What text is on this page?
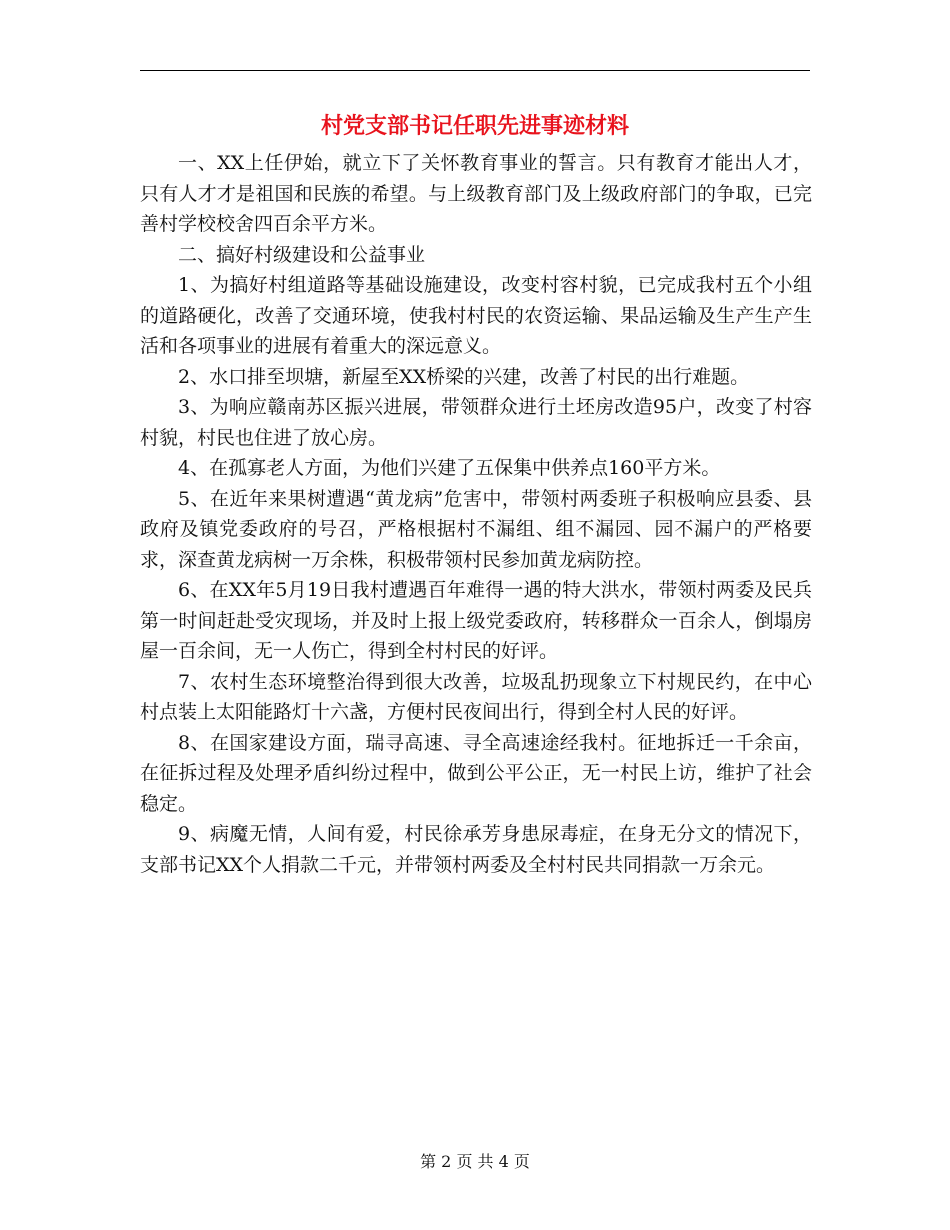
村党支部书记任职先进事迹材料

一、XX上任伊始，就立下了关怀教育事业的誓言。只有教育才能出人才，只有人才才是祖国和民族的希望。与上级教育部门及上级政府部门的争取，已完善村学校校舍四百余平方米。

二、搞好村级建设和公益事业

1、为搞好村组道路等基础设施建设，改变村容村貌，已完成我村五个小组的道路硬化，改善了交通环境，使我村村民的农资运输、果品运输及生产生产生活和各项事业的进展有着重大的深远意义。

2、水口排至坝塘，新屋至XX桥梁的兴建，改善了村民的出行难题。

3、为响应赣南苏区振兴进展，带领群众进行土坯房改造95户，改变了村容村貌，村民也住进了放心房。

4、在孤寡老人方面，为他们兴建了五保集中供养点160平方米。

5、在近年来果树遭遇“黄龙病”危害中，带领村两委班子积极响应县委、县政府及镇党委政府的号召，严格根据村不漏组、组不漏园、园不漏户的严格要求，深查黄龙病树一万余株，积极带领村民参加黄龙病防控。

6、在XX年5月19日我村遭遇百年难得一遇的特大洪水，带领村两委及民兵第一时间赶赴受灾现场，并及时上报上级党委政府，转移群众一百余人，倒塌房屋一百余间，无一人伤亡，得到全村村民的好评。

7、农村生态环境整治得到很大改善，垃圾乱扔现象立下村规民约，在中心村点装上太阳能路灯十六盏，方便村民夜间出行，得到全村人民的好评。

8、在国家建设方面，瑞寻高速、寻全高速途经我村。征地拆迁一千余亩，在征拆过程及处理矛盾纠纷过程中，做到公平公正，无一村民上访，维护了社会稳定。

9、病魔无情，人间有爱，村民徐承芳身患尿毒症，在身无分文的情况下，支部书记XX个人捐款二千元，并带领村两委及全村村民共同捐款一万余元。

第 2 页 共 4 页
